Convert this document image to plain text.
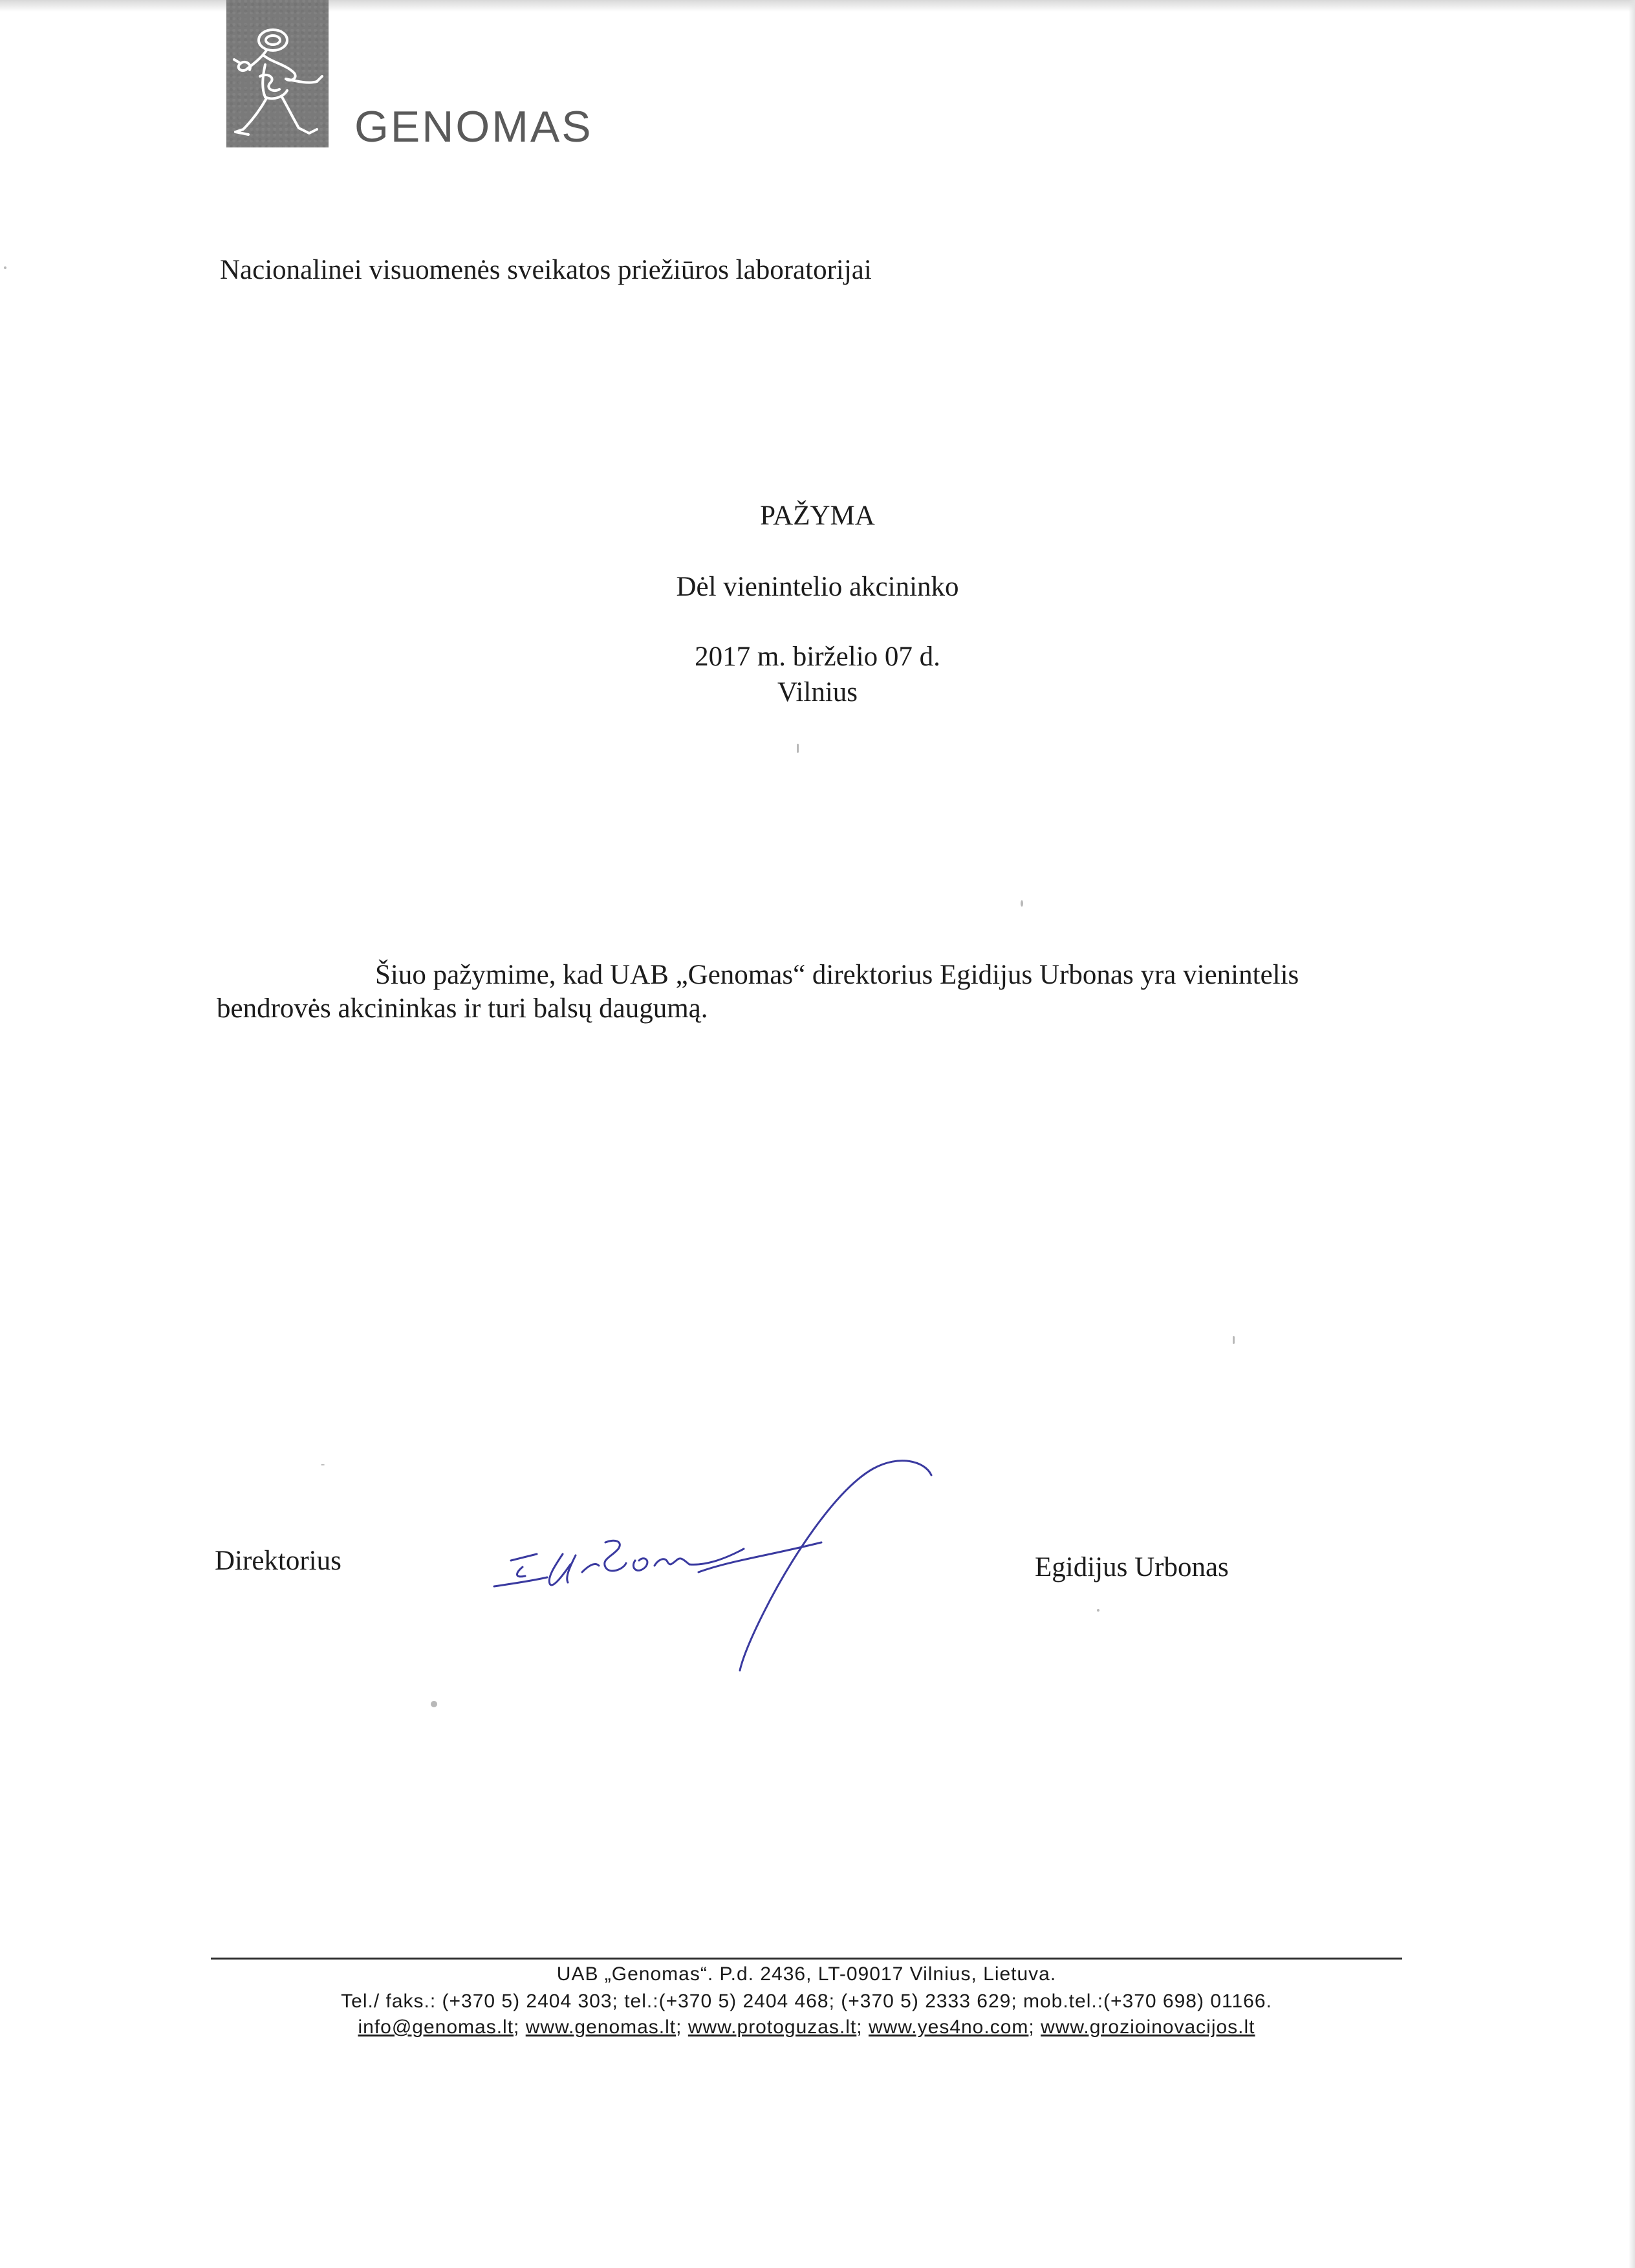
GENOMAS
Nacionalinei visuomenės sveikatos priežiūros laboratorijai
PAŽYMA
Dėl vienintelio akcininko
2017 m. birželio 07 d.
Vilnius
Šiuo pažymime, kad UAB „Genomas“ direktorius Egidijus Urbonas yra vienintelis
bendrovės akcininkas ir turi balsų daugumą.
Direktorius	Egidijus Urbonas
UAB „Genomas“. P.d. 2436, LT-09017 Vilnius, Lietuva.
Tel./ faks.: (+370 5) 2404 303; tel.:(+370 5) 2404 468; (+370 5) 2333 629; mob.tel.:(+370 698) 01166.
info@genomas.lt; www.genomas.lt; www.protoguzas.lt; www.yes4no.com; www.grozioinovacijos.lt
